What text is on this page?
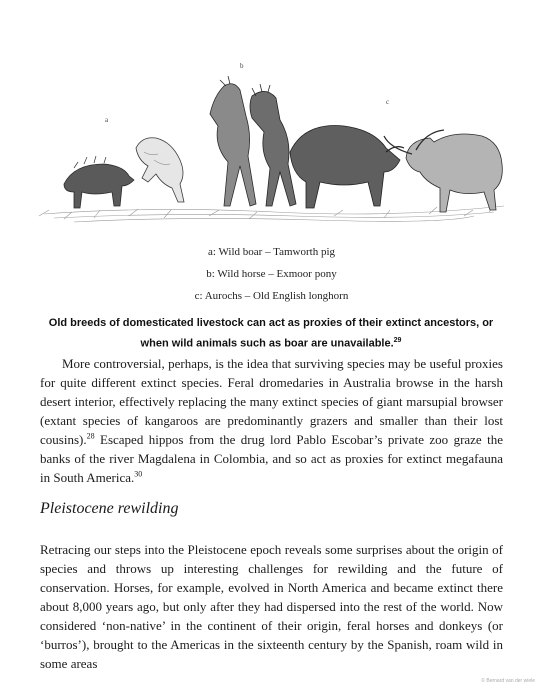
a
b
c
a: Wild boar – Tamworth pig
b: Wild horse – Exmoor pony
c: Aurochs – Old English longhorn
Old breeds of domesticated livestock can act as proxies of their extinct ancestors, or when wild animals such as boar are unavailable.$^{29}$

More controversial, perhaps, is the idea that surviving species may be useful proxies for quite different extinct species. Feral dromedaries in Australia browse in the harsh desert interior, effectively replacing the many extinct species of giant marsupial browser (extant species of kangaroos are predominantly grazers and smaller than their lost cousins).$^{28}$ Escaped hippos from the drug lord Pablo Escobar’s private zoo graze the banks of the river Magdalena in Colombia, and so act as proxies for extinct megafauna in South America.$^{30}$

Pleistocene rewilding

Retracing our steps into the Pleistocene epoch reveals some surprises about the origin of species and throws up interesting challenges for rewilding and the future of conservation. Horses, for example, evolved in North America and became extinct there about 8,000 years ago, but only after they had dispersed into the rest of the world. Now considered ‘non-native’ in the continent of their origin, feral horses and donkeys (or ‘burros’), brought to the Americas in the sixteenth century by the Spanish, roam wild in some areas

© Bernard van der wiele
